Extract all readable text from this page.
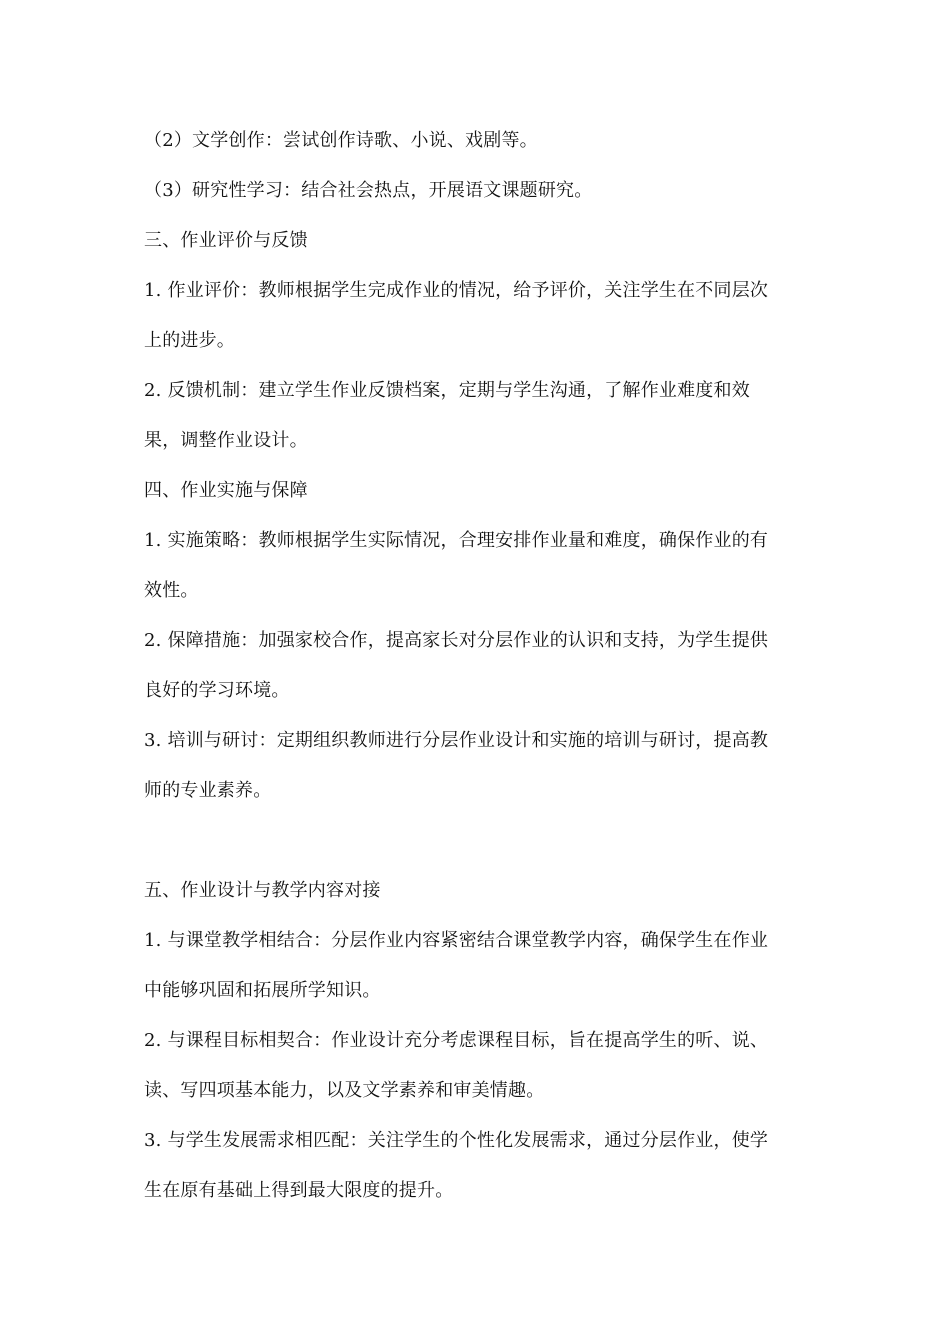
（2）文学创作：尝试创作诗歌、小说、戏剧等。

（3）研究性学习：结合社会热点，开展语文课题研究。

三、作业评价与反馈

1. 作业评价：教师根据学生完成作业的情况，给予评价，关注学生在不同层次

上的进步。

2. 反馈机制：建立学生作业反馈档案，定期与学生沟通，了解作业难度和效

果，调整作业设计。

四、作业实施与保障

1. 实施策略：教师根据学生实际情况，合理安排作业量和难度，确保作业的有

效性。

2. 保障措施：加强家校合作，提高家长对分层作业的认识和支持，为学生提供

良好的学习环境。

3. 培训与研讨：定期组织教师进行分层作业设计和实施的培训与研讨，提高教

师的专业素养。

五、作业设计与教学内容对接

1. 与课堂教学相结合：分层作业内容紧密结合课堂教学内容，确保学生在作业

中能够巩固和拓展所学知识。

2. 与课程目标相契合：作业设计充分考虑课程目标，旨在提高学生的听、说、

读、写四项基本能力，以及文学素养和审美情趣。

3. 与学生发展需求相匹配：关注学生的个性化发展需求，通过分层作业，使学

生在原有基础上得到最大限度的提升。
